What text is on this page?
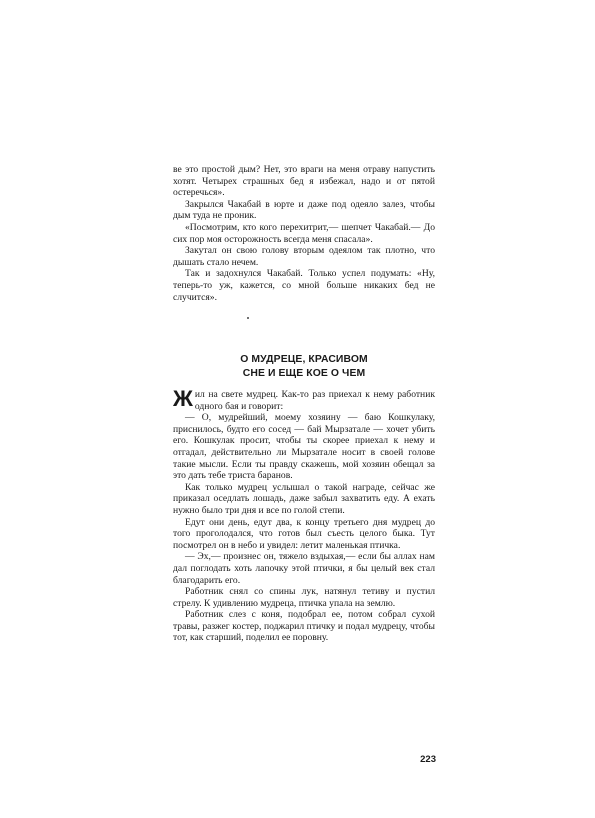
ве это простой дым? Нет, это враги на меня отраву напустить хотят. Четырех страшных бед я избежал, надо и от пятой остеречься».

Закрылся Чакабай в юрте и даже под одеяло залез, чтобы дым туда не проник.

«Посмотрим, кто кого перехитрит,— шепчет Чакабай.— До сих пор моя осторожность всегда меня спасала».

Закутал он свою голову вторым одеялом так плотно, что дышать стало нечем.

Так и задохнулся Чакабай. Только успел подумать: «Ну, теперь-то уж, кажется, со мной больше никаких бед не случится».

О МУДРЕЦЕ, КРАСИВОМ
СНЕ И ЕЩЕ КОЕ О ЧЕМ

Жил на свете мудрец. Как-то раз приехал к нему работник одного бая и говорит:

— О, мудрейший, моему хозяину — баю Кошкулаку, приснилось, будто его сосед — бай Мырзатале — хочет убить его. Кошкулак просит, чтобы ты скорее приехал к нему и отгадал, действительно ли Мырзатале носит в своей голове такие мысли. Если ты правду скажешь, мой хозяин обещал за это дать тебе триста баранов.

Как только мудрец услышал о такой награде, сейчас же приказал оседлать лошадь, даже забыл захватить еду. А ехать нужно было три дня и все по голой степи.

Едут они день, едут два, к концу третьего дня мудрец до того проголодался, что готов был съесть целого быка. Тут посмотрел он в небо и увидел: летит маленькая птичка.

— Эх,— произнес он, тяжело вздыхая,— если бы аллах нам дал поглодать хоть лапочку этой птички, я бы целый век стал благодарить его.

Работник снял со спины лук, натянул тетиву и пустил стрелу. К удивлению мудреца, птичка упала на землю.

Работник слез с коня, подобрал ее, потом собрал сухой травы, разжег костер, поджарил птичку и подал мудрецу, чтобы тот, как старший, поделил ее поровну.

223
